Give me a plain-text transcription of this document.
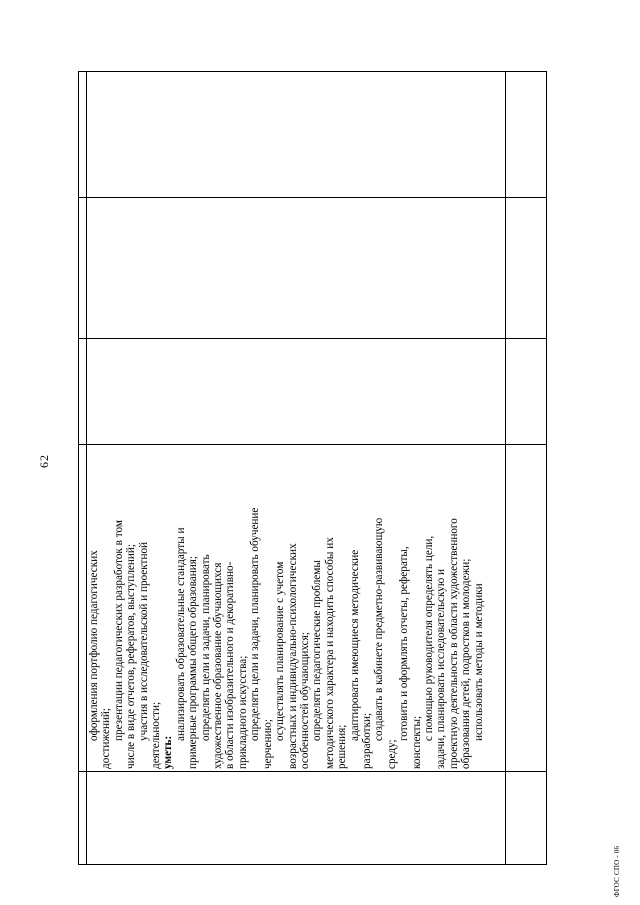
62
оформления портфолио педагогических достижений; презентации педагогических разработок в том числе в виде отчетов, рефератов, выступлений; участия в исследовательской и проектной деятельности; уметь:
анализировать образовательные стандарты и примерные программы общего образования; определять цели и задачи, планировать художественное образование обучающихся в области изобразительного и декоративно- прикладного искусства; определять цели и задачи, планировать обучение
черчению;
осуществлять планирование с учетом возрастных и индивидуально-психологических особенностей обучающихся; определять педагогические проблемы методического характера и находить способы их решения;
адаптировать имеющиеся методические разработки; создавать в кабинете предметно-развивающую
среду;
готовить и оформлять отчеты, рефераты,
конспекты;
с помощью руководителя определять цели, задачи, планировать исследовательскую и проектную деятельность в области художественного образования детей, подростков и молодежи; использовать методы и методики
ФГОС СПО - 06
